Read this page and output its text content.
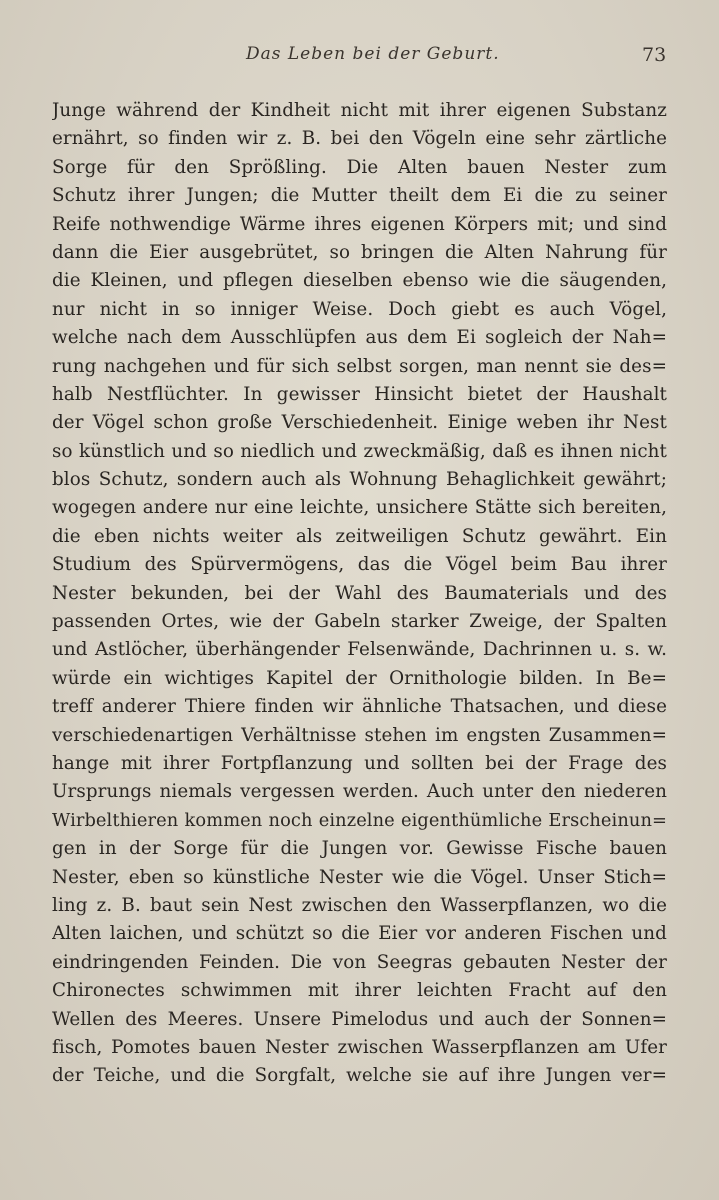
Das Leben bei der Geburt.	73
Junge während der Kindheit nicht mit ihrer eigenen Substanz
ernährt, so finden wir z. B. bei den Vögeln eine sehr zärtliche
Sorge für den Sprößling. Die Alten bauen Nester zum
Schutz ihrer Jungen; die Mutter theilt dem Ei die zu seiner
Reife nothwendige Wärme ihres eigenen Körpers mit; und sind
dann die Eier ausgebrütet, so bringen die Alten Nahrung für
die Kleinen, und pflegen dieselben ebenso wie die säugenden,
nur nicht in so inniger Weise. Doch giebt es auch Vögel,
welche nach dem Ausschlüpfen aus dem Ei sogleich der Nah=
rung nachgehen und für sich selbst sorgen, man nennt sie des=
halb Nestflüchter. In gewisser Hinsicht bietet der Haushalt
der Vögel schon große Verschiedenheit. Einige weben ihr Nest
so künstlich und so niedlich und zweckmäßig, daß es ihnen nicht
blos Schutz, sondern auch als Wohnung Behaglichkeit gewährt;
wogegen andere nur eine leichte, unsichere Stätte sich bereiten,
die eben nichts weiter als zeitweiligen Schutz gewährt. Ein
Studium des Spürvermögens, das die Vögel beim Bau ihrer
Nester bekunden, bei der Wahl des Baumaterials und des
passenden Ortes, wie der Gabeln starker Zweige, der Spalten
und Astlöcher, überhängender Felsenwände, Dachrinnen u. s. w.
würde ein wichtiges Kapitel der Ornithologie bilden. In Be=
treff anderer Thiere finden wir ähnliche Thatsachen, und diese
verschiedenartigen Verhältnisse stehen im engsten Zusammen=
hange mit ihrer Fortpflanzung und sollten bei der Frage des
Ursprungs niemals vergessen werden. Auch unter den niederen
Wirbelthieren kommen noch einzelne eigenthümliche Erscheinun=
gen in der Sorge für die Jungen vor. Gewisse Fische bauen
Nester, eben so künstliche Nester wie die Vögel. Unser Stich=
ling z. B. baut sein Nest zwischen den Wasserpflanzen, wo die
Alten laichen, und schützt so die Eier vor anderen Fischen und
eindringenden Feinden. Die von Seegras gebauten Nester der
Chironectes schwimmen mit ihrer leichten Fracht auf den
Wellen des Meeres. Unsere Pimelodus und auch der Sonnen=
fisch, Pomotes bauen Nester zwischen Wasserpflanzen am Ufer
der Teiche, und die Sorgfalt, welche sie auf ihre Jungen ver=
